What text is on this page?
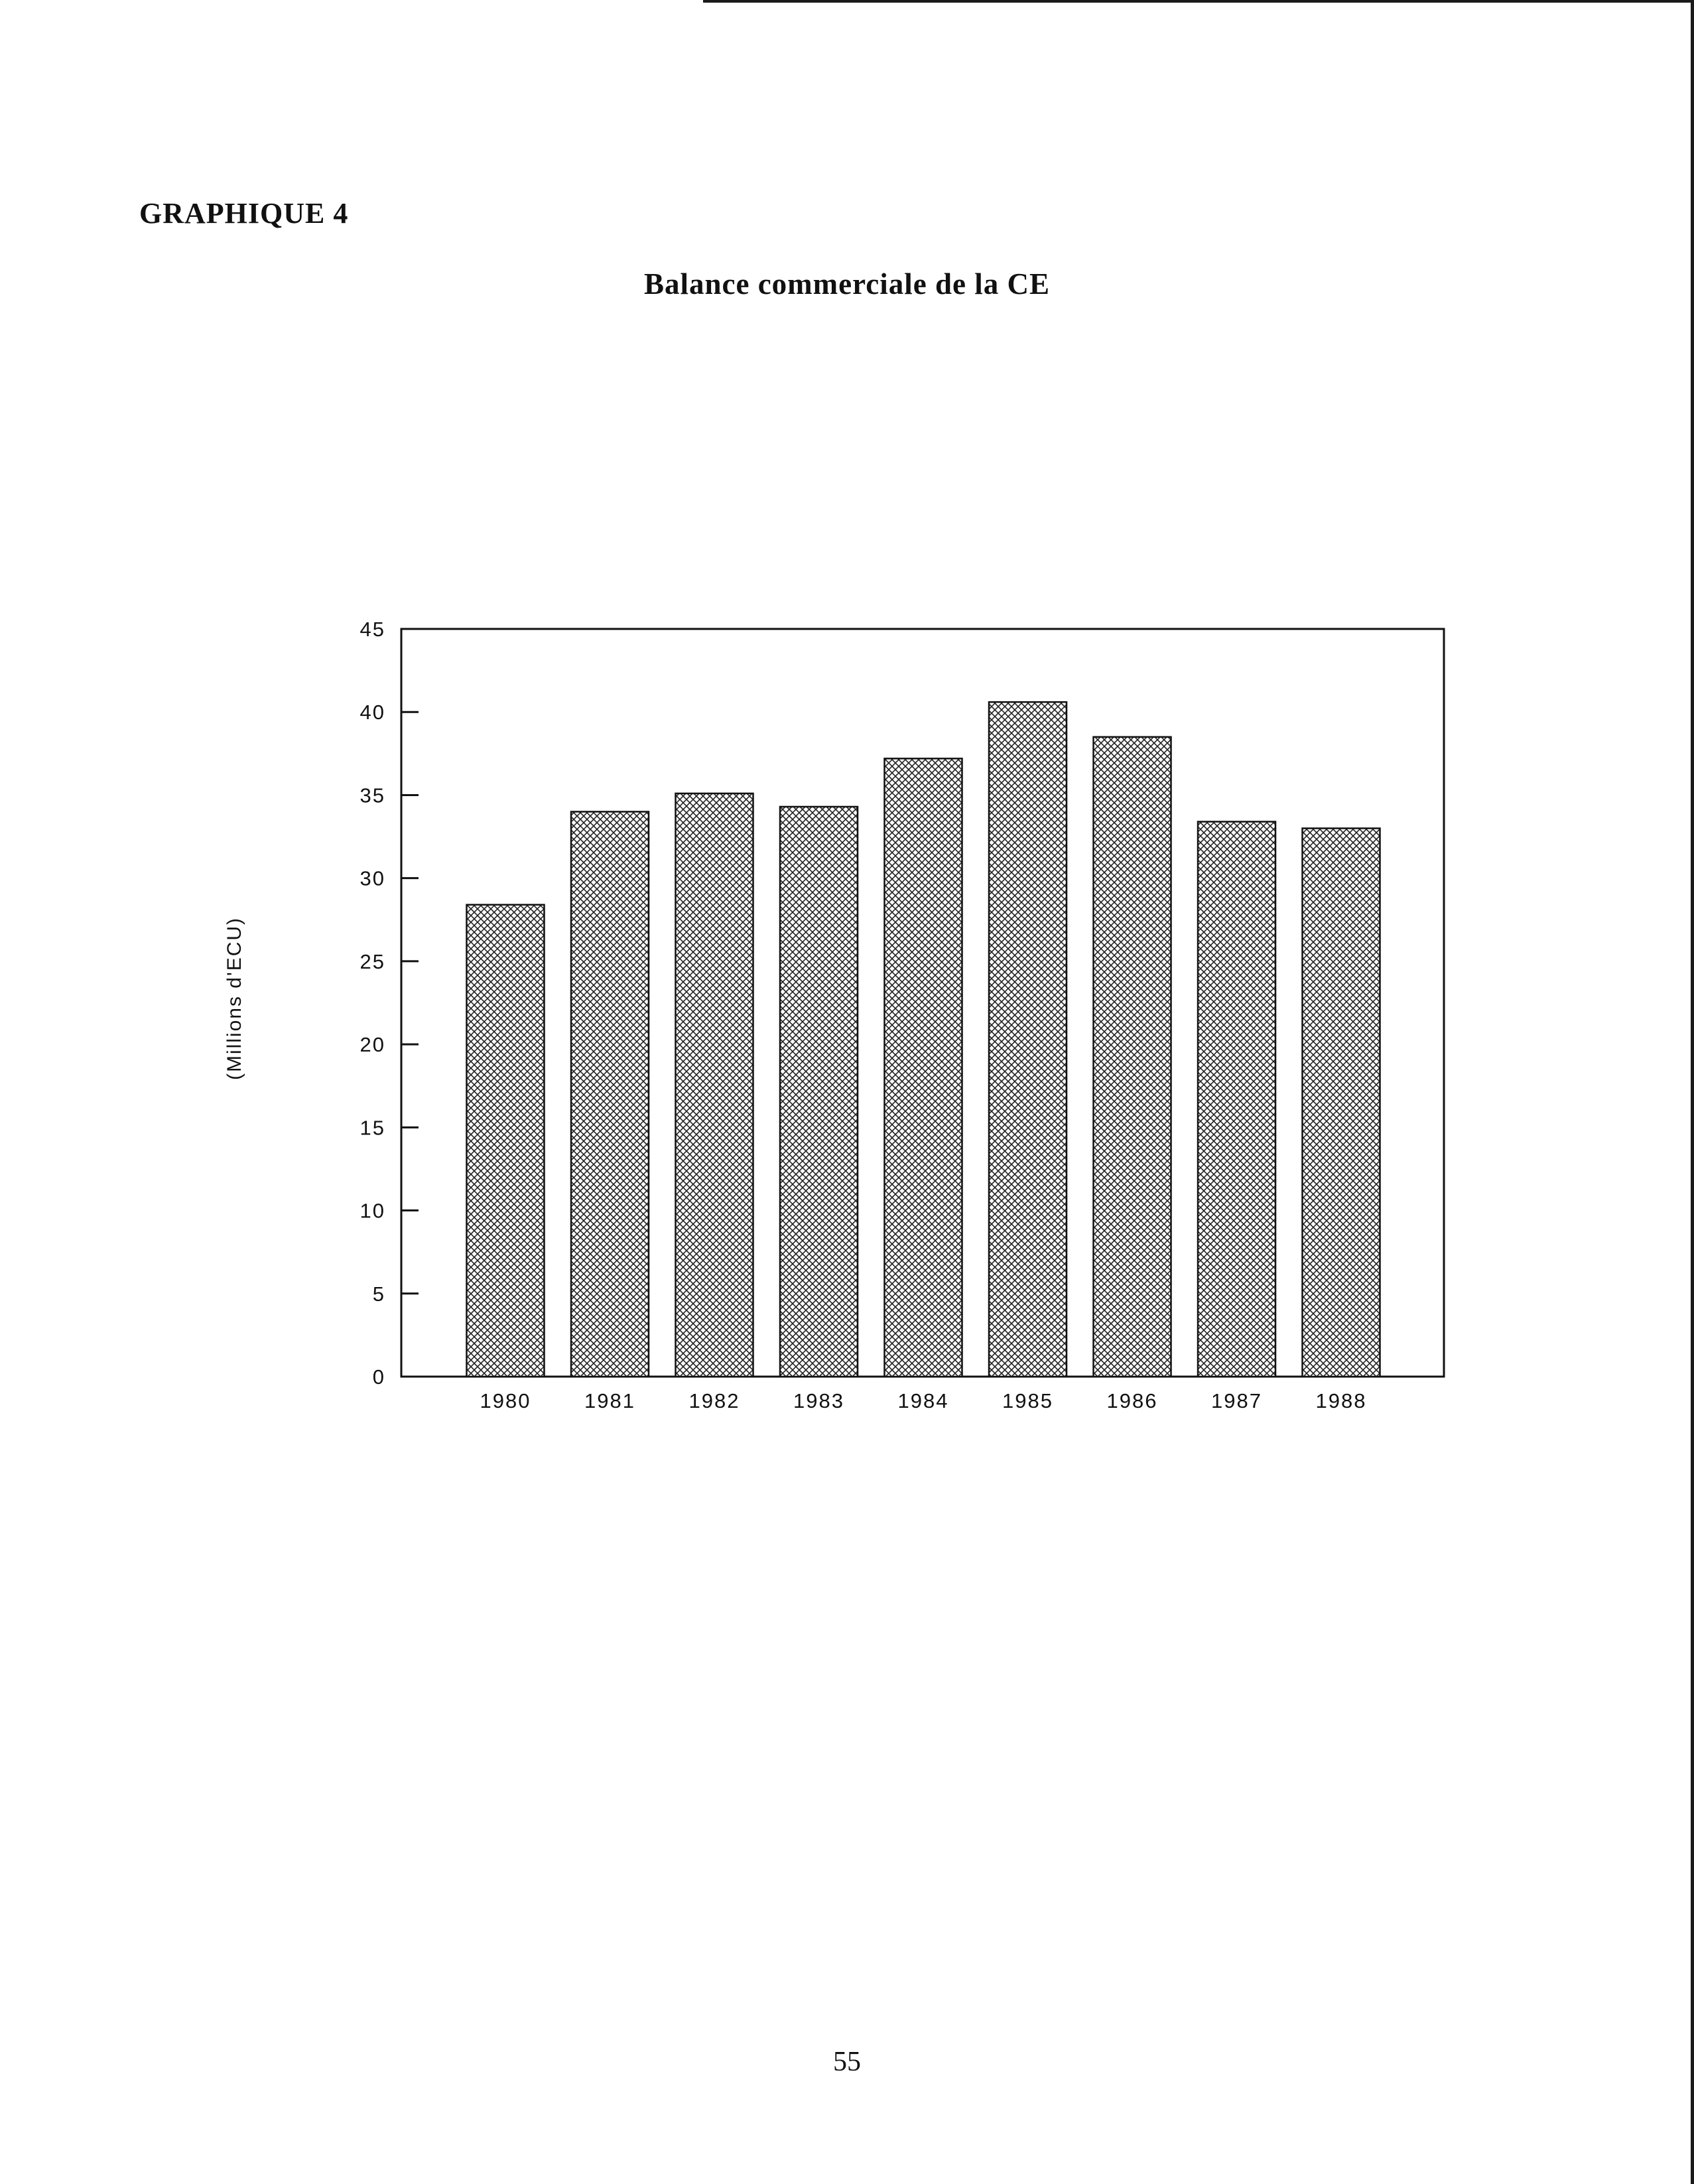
GRAPHIQUE 4
Balance commerciale de la CE
0
5
10
15
20
25
30
35
40
45
1980	1981	1982	1983	1984	1985	1986	1987	1988
(Millions d'ECU)
55
